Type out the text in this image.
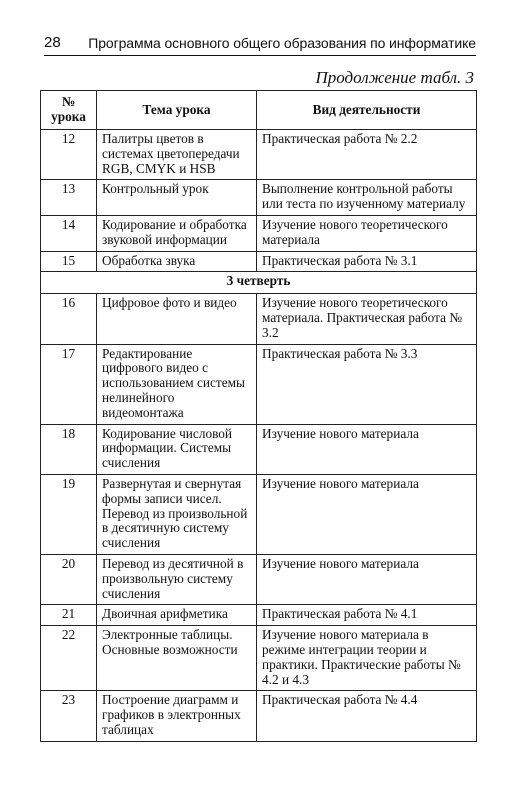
28 Программа основного общего образования по информатике
Продолжение табл. 3
№ урока	Тема урока	Вид деятельности
12	Палитры цветов в системах цветопередачи RGB, CMYK и HSB	Практическая работа № 2.2
13	Контрольный урок	Выполнение контрольной работы или теста по изученному материалу
14	Кодирование и обработка звуковой информации	Изучение нового теоретического материала
15	Обработка звука	Практическая работа № 3.1
3 четверть		
16	Цифровое фото и видео	Изучение нового теоретического материала. Практическая работа № 3.2
17	Редактирование цифрового видео с использованием системы нелинейного видеомонтажа	Практическая работа № 3.3
18	Кодирование числовой информации. Системы счисления	Изучение нового материала
19	Развернутая и свернутая формы записи чисел. Перевод из произвольной в десятичную систему счисления	Изучение нового материала
20	Перевод из десятичной в произвольную систему счисления	Изучение нового материала
21	Двоичная арифметика	Практическая работа № 4.1
22	Электронные таблицы. Основные возможности	Изучение нового материала в режиме интеграции теории и практики. Практические работы № 4.2 и 4.3
23	Построение диаграмм и графиков в электронных таблицах	Практическая работа № 4.4
